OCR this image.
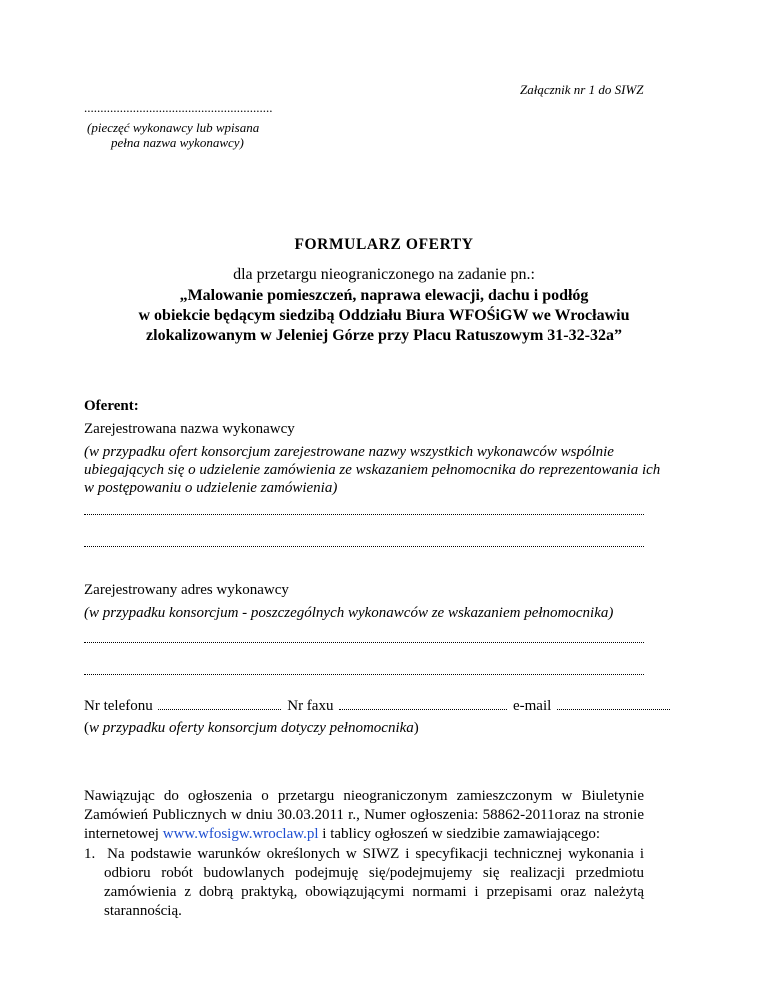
Załącznik nr 1 do SIWZ
..........................................................
(pieczęć wykonawcy lub wpisana
pełna nazwa wykonawcy)
FORMULARZ OFERTY
dla przetargu nieograniczonego na zadanie pn.:
„Malowanie pomieszczeń, naprawa elewacji, dachu i podłóg
w obiekcie będącym siedzibą Oddziału Biura WFOŚiGW we Wrocławiu
zlokalizowanym w Jeleniej Górze przy Placu Ratuszowym 31-32-32a”
Oferent:
Zarejestrowana nazwa wykonawcy
(w przypadku ofert konsorcjum zarejestrowane nazwy wszystkich wykonawców wspólnie
ubiegających się o udzielenie zamówienia ze wskazaniem pełnomocnika do reprezentowania ich
w postępowaniu o udzielenie zamówienia)
Zarejestrowany adres wykonawcy
(w przypadku konsorcjum - poszczególnych wykonawców ze wskazaniem pełnomocnika)
Nr telefonu	Nr faxu	e-mail
(w przypadku oferty konsorcjum dotyczy pełnomocnika)
Nawiązując do ogłoszenia o przetargu nieograniczonym zamieszczonym w Biuletynie Zamówień Publicznych w dniu 30.03.2011 r., Numer ogłoszenia: 58862-2011oraz na stronie internetowej www.wfosigw.wroclaw.pl i tablicy ogłoszeń w siedzibie zamawiającego:
1. Na podstawie warunków określonych w SIWZ i specyfikacji technicznej wykonania i odbioru robót budowlanych podejmuję się/podejmujemy się realizacji przedmiotu zamówienia z dobrą praktyką, obowiązującymi normami i przepisami oraz należytą starannością.
